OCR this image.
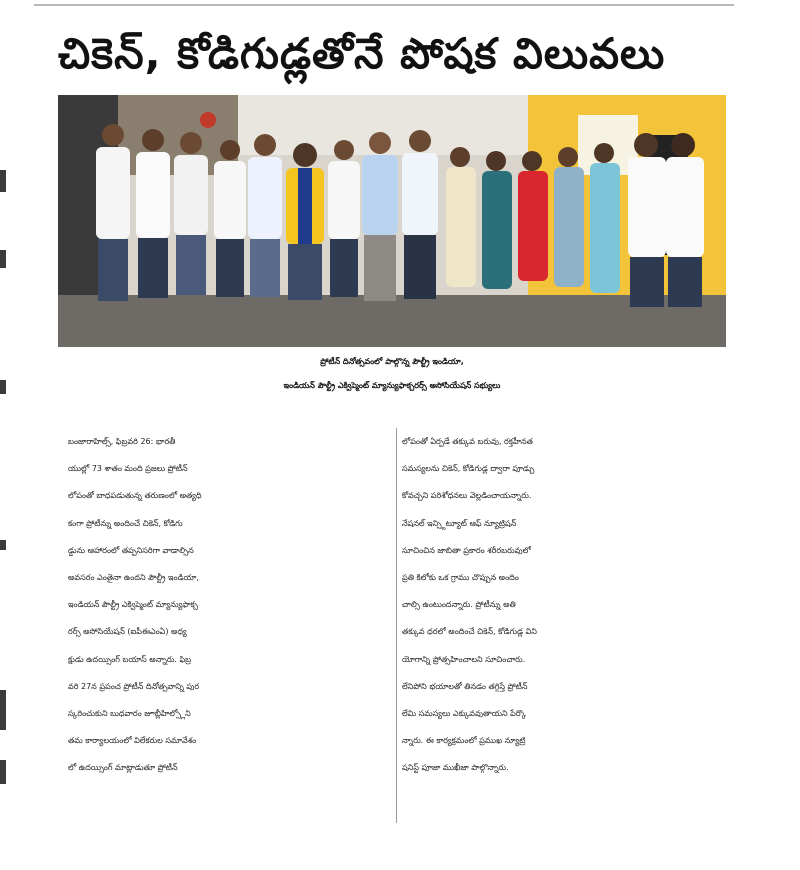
చికెన్, కోడిగుడ్లతోనే పోషక విలువలు
ప్రోటీన్ దినోత్సవంలో పాల్గొన్న పౌల్ట్రీ ఇండియా,
ఇండియన్ పౌల్ట్రీ ఎక్విప్మెంట్ మ్యాన్యుఫాక్చరర్స్ అసోసియేషన్ సభ్యులు

బంజారాహిల్స్, ఫిబ్రవరి 26: భారతీ

యుల్లో 73 శాతం మంది ప్రజలు ప్రోటీన్

లోపంతో బాధపడుతున్న తరుణంలో అత్యధి

కంగా ప్రోటీన్ను అందించే చికెన్, కోడిగు

డ్డును ఆహారంలో తప్పనిసరిగా వాడాల్సిన

అవసరం ఎంతైనా ఉందని పౌల్ట్రీ ఇండియా,

ఇండియన్ పౌల్ట్రీ ఎక్విప్మెంట్ మ్యాన్యుఫాక్చ

రర్స్ అసోసియేషన్ (ఐపీఈఎంఏ) అధ్య

క్షుడు ఉదయ్సింగ్ బయాస్ అన్నారు. ఫిబ్ర

వరి 27న ప్రపంచ ప్రోటీన్ దినోత్సవాన్ని పుర

స్కరించుకుని బుధవారం జూబ్లీహిల్స్లోని

తమ కార్యాలయంలో విలేకరుల సమావేశం

లో ఉదయ్సింగ్ మాట్లాడుతూ ప్రోటీన్

లోపంతో ఏర్పడే తక్కువ బరువు, రక్తహీనత

సమస్యలను చికెన్, కోడిగుడ్ల ద్వారా పూడ్చు

కోవచ్చని పరిశోధనలు వెల్లడించాయన్నారు.

నేషనల్ ఇన్స్టిట్యూట్ ఆఫ్ న్యూట్రిషన్

సూచించిన జాబితా ప్రకారం శరీరబరువులో

ప్రతి కిలోకు ఒక గ్రాము చొప్పున అందిం

చాల్సి ఉంటుందన్నారు. ప్రోటీన్ను అతి

తక్కువ ధరలో అందించే చికెన్, కోడిగుడ్ల విని

యోగాన్ని ప్రోత్సహించాలని సూచించారు.

లేనిపోని భయాలతో తినడం తగ్గిస్తే ప్రోటీన్

లేమి సమస్యలు ఎక్కువవుతాయని పేర్కొ

న్నారు. ఈ కార్యక్రమంలో ప్రముఖ న్యూట్రి

షనిస్ట్ పూజా ముఖీజా పాల్గొన్నారు.
